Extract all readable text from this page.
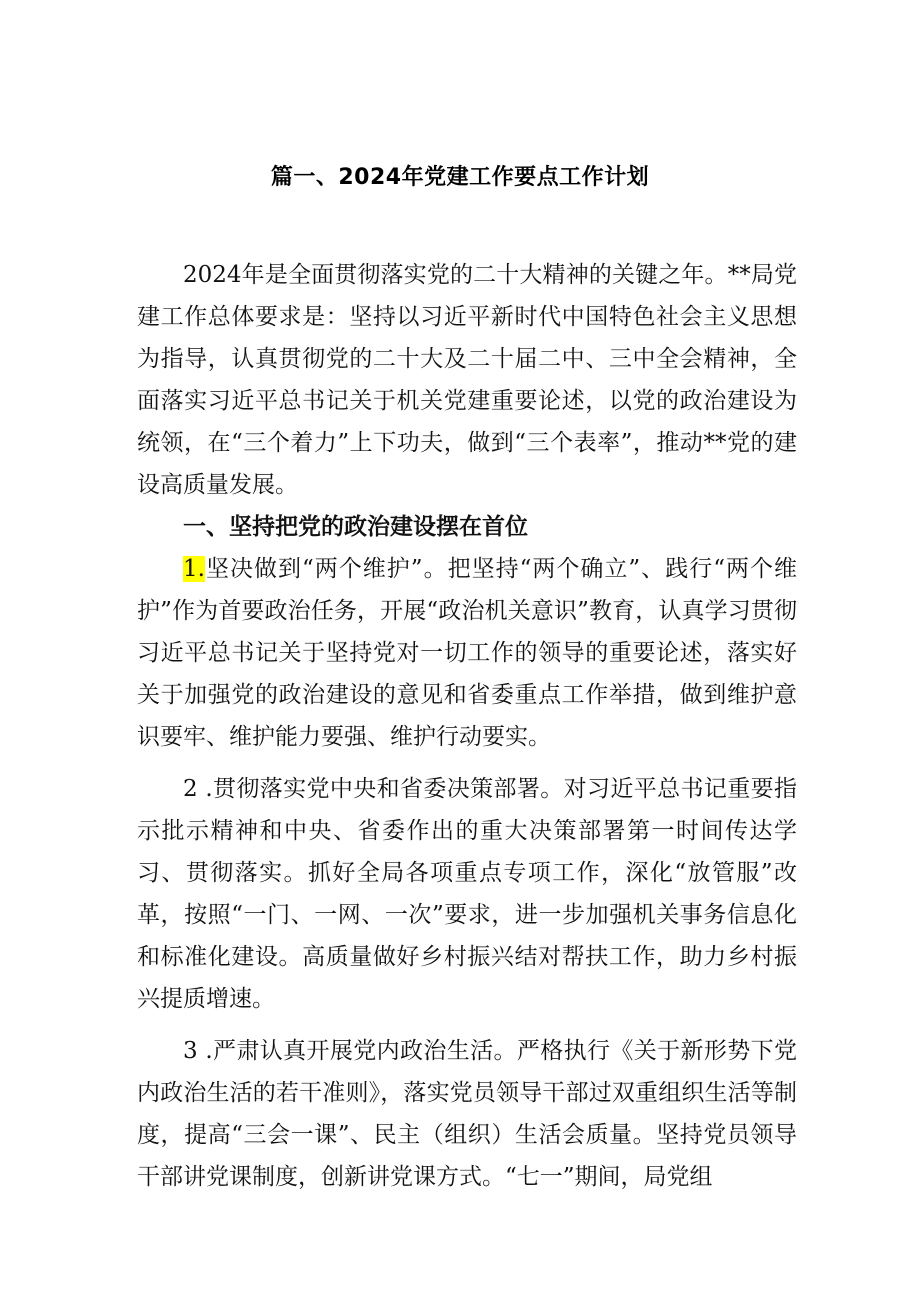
篇一、2024年党建工作要点工作计划

2024年是全面贯彻落实党的二十大精神的关键之年。**局党建工作总体要求是：坚持以习近平新时代中国特色社会主义思想为指导，认真贯彻党的二十大及二十届二中、三中全会精神，全面落实习近平总书记关于机关党建重要论述，以党的政治建设为统领，在“三个着力”上下功夫，做到“三个表率”，推动**党的建设高质量发展。

一、坚持把党的政治建设摆在首位

1.坚决做到“两个维护”。把坚持“两个确立”、践行“两个维护”作为首要政治任务，开展“政治机关意识”教育，认真学习贯彻习近平总书记关于坚持党对一切工作的领导的重要论述，落实好关于加强党的政治建设的意见和省委重点工作举措，做到维护意识要牢、维护能力要强、维护行动要实。

2 .贯彻落实党中央和省委决策部署。对习近平总书记重要指示批示精神和中央、省委作出的重大决策部署第一时间传达学习、贯彻落实。抓好全局各项重点专项工作，深化“放管服”改革，按照“一门、一网、一次”要求，进一步加强机关事务信息化和标准化建设。高质量做好乡村振兴结对帮扶工作，助力乡村振兴提质增速。

3 .严肃认真开展党内政治生活。严格执行《关于新形势下党内政治生活的若干准则》，落实党员领导干部过双重组织生活等制度，提高“三会一课”、民主（组织）生活会质量。坚持党员领导干部讲党课制度，创新讲党课方式。“七一”期间，局党组
